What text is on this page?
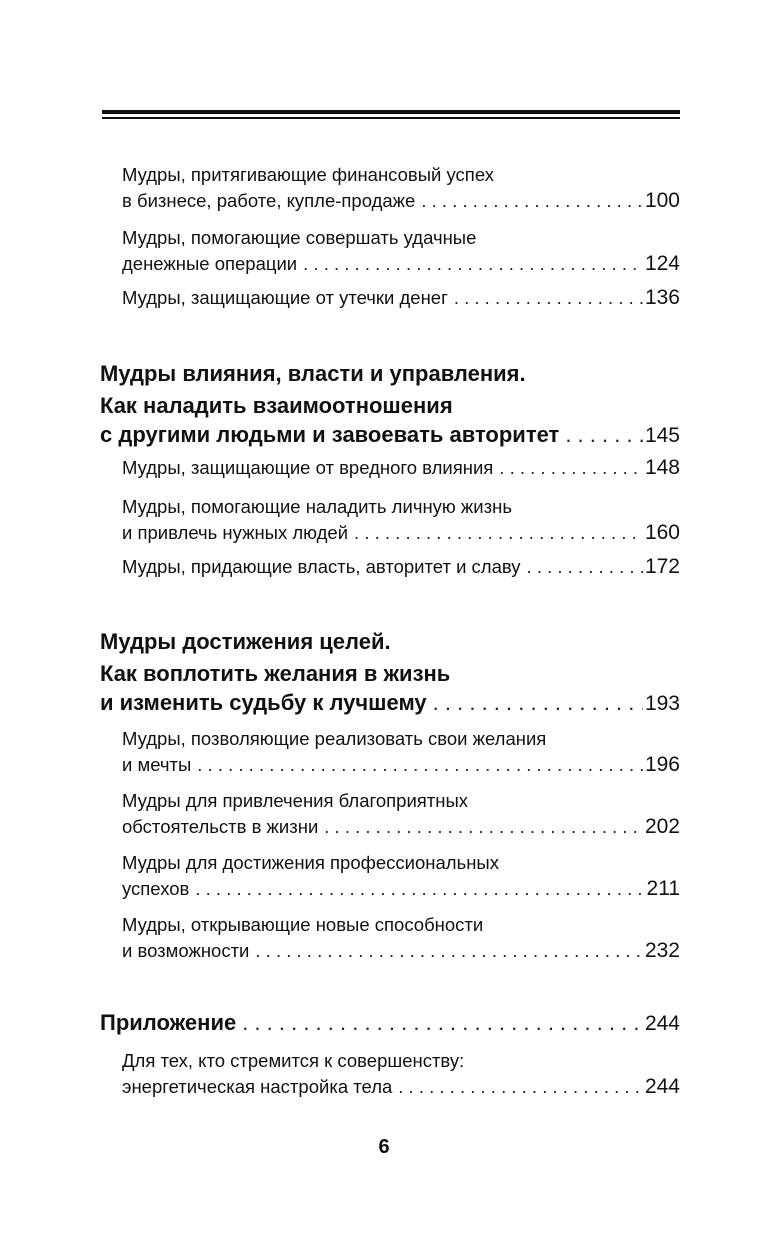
Мудры, притягивающие финансовый успех
в бизнесе, работе, купле-продаже . . .	100
Мудры, помогающие совершать удачные
денежные операции . . .	124
Мудры, защищающие от утечки денег . . .	136
Мудры влияния, власти и управления.
Как наладить взаимоотношения
с другими людьми и завоевать авторитет . . .	145
Мудры, защищающие от вредного влияния . . .	148
Мудры, помогающие наладить личную жизнь
и привлечь нужных людей . . .	160
Мудры, придающие власть, авторитет и славу . . .	172
Мудры достижения целей.
Как воплотить желания в жизнь
и изменить судьбу к лучшему . . .	193
Мудры, позволяющие реализовать свои желания
и мечты . . .	196
Мудры для привлечения благоприятных
обстоятельств в жизни . . .	202
Мудры для достижения профессиональных
успехов . . .	211
Мудры, открывающие новые способности
и возможности . . .	232
Приложение . . .	244
Для тех, кто стремится к совершенству:
энергетическая настройка тела . . .	244
6
